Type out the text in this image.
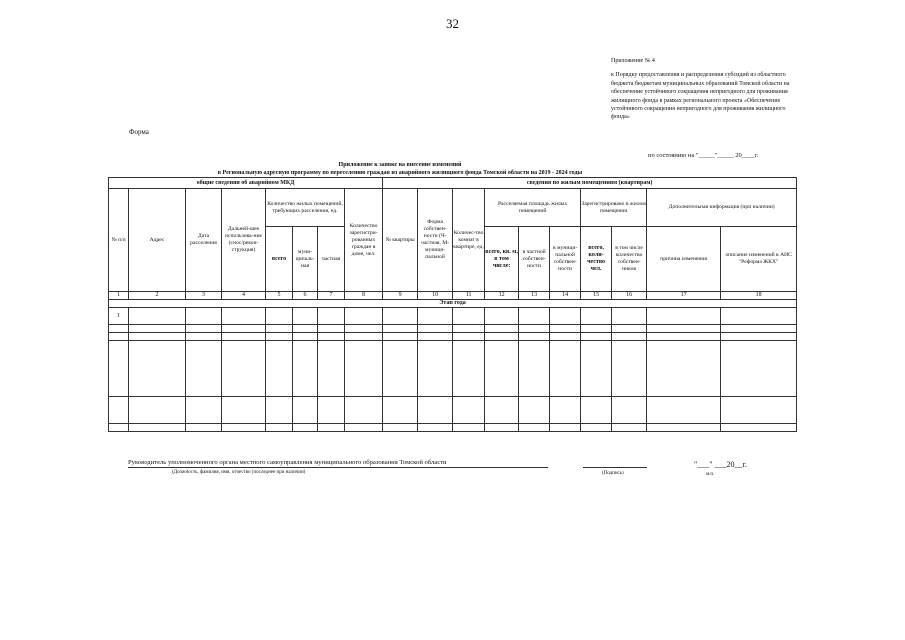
32
Приложение № 4
к Порядку предоставления и распределения субсидий из областного бюджета бюджетам муниципальных образований Томской области на обеспечение устойчивого сокращения непригодного для проживания жилищного фонда в рамках регионального проекта «Обеспечение устойчивого сокращения непригодного для проживания жилищного фонда»
Форма
по состоянию на "_____"_____ 20____г.
Приложение к заявке на внесение изменений
в Региональную адресную программу по переселению граждан из аварийного жилищного фонда Томской области на 2019 - 2024 годы
общие сведения об аварийном МКД								сведения по жилым помещениям (квартирам)									
№ п/п	Адрес	Дата расселения	Дальней-шее использова-ние (снос/рекон-струкция)	Количество жилых помещений, требующих расселения, ед.			Количество зарегистри-рованных граждан в доме, чел.	№ квартиры	Форма собствен-ности (Ч-частная, М-муници-пальной	Количес-тво комнат в квартире, ед.	Расселяемая площадь жилых помещений			Зарегистрировано в жилом помещении		Дополнительная информация (при наличии)	
				всего	муни-ципаль-ная	частная					всего, кв. м, в том числе:	в частной собствен-ности	в муници-пальной собствен-ности	всего, коли-чество чел.	в том числе количество собствен-ников	причина изменения	описание изменений в АИС "Реформа ЖКХ"
1	2	3	4	5	6	7	8	9	10	11	12	13	14	15	16	17	18
Этап года																	
1																	

Руководитель уполномоченного органа местного самоуправления муниципального образования Томской области
(Должность, фамилия, имя, отчество (последнее при наличии)	(Подпись)
"___" ___20__г.
м.п.
